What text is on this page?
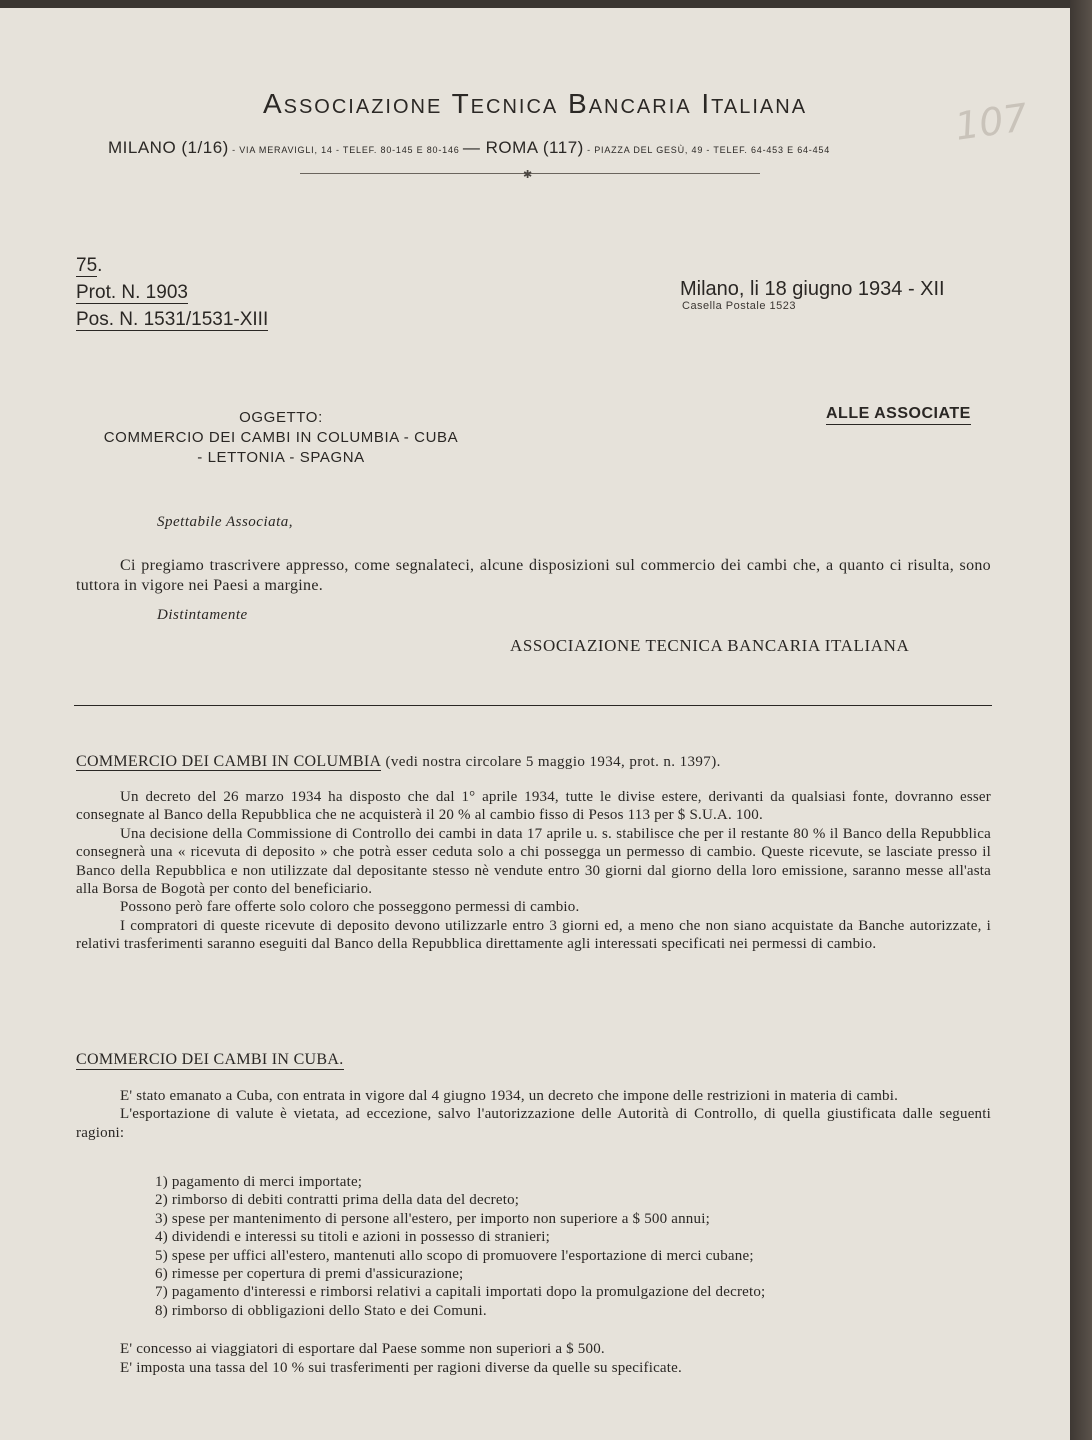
Associazione Tecnica Bancaria Italiana
MILANO (1/16) - VIA MERAVIGLI, 14 - TELEF. 80-145 E 80-146 — ROMA (117) - PIAZZA DEL GESÙ, 49 - TELEF. 64-453 E 64-454
✱
107
75.
Prot. N. 1903
Pos. N. 1531/1531-XIII
Milano, li 18 giugno 1934 - XII
Casella Postale 1523
OGGETTO:
COMMERCIO DEI CAMBI IN COLUMBIA - CUBA
- LETTONIA - SPAGNA
ALLE ASSOCIATE
Spettabile Associata,
Ci pregiamo trascrivere appresso, come segnalateci, alcune disposizioni sul commercio dei cambi che, a quanto ci risulta, sono tuttora in vigore nei Paesi a margine.
Distintamente
ASSOCIAZIONE TECNICA BANCARIA ITALIANA
COMMERCIO DEI CAMBI IN COLUMBIA (vedi nostra circolare 5 maggio 1934, prot. n. 1397).

Un decreto del 26 marzo 1934 ha disposto che dal 1° aprile 1934, tutte le divise estere, derivanti da qualsiasi fonte, dovranno esser consegnate al Banco della Repubblica che ne acquisterà il 20 % al cambio fisso di Pesos 113 per $ S.U.A. 100.

Una decisione della Commissione di Controllo dei cambi in data 17 aprile u. s. stabilisce che per il restante 80 % il Banco della Repubblica consegnerà una « ricevuta di deposito » che potrà esser ceduta solo a chi possegga un permesso di cambio. Queste ricevute, se lasciate presso il Banco della Repubblica e non utilizzate dal depositante stesso nè vendute entro 30 giorni dal giorno della loro emissione, saranno messe all'asta alla Borsa de Bogotà per conto del beneficiario.

Possono però fare offerte solo coloro che posseggono permessi di cambio.

I compratori di queste ricevute di deposito devono utilizzarle entro 3 giorni ed, a meno che non siano acquistate da Banche autorizzate, i relativi trasferimenti saranno eseguiti dal Banco della Repubblica direttamente agli interessati specificati nei permessi di cambio.

COMMERCIO DEI CAMBI IN CUBA.

E' stato emanato a Cuba, con entrata in vigore dal 4 giugno 1934, un decreto che impone delle restrizioni in materia di cambi.

L'esportazione di valute è vietata, ad eccezione, salvo l'autorizzazione delle Autorità di Controllo, di quella giustificata dalle seguenti ragioni:

1) pagamento di merci importate;
2) rimborso di debiti contratti prima della data del decreto;
3) spese per mantenimento di persone all'estero, per importo non superiore a $ 500 annui;
4) dividendi e interessi su titoli e azioni in possesso di stranieri;
5) spese per uffici all'estero, mantenuti allo scopo di promuovere l'esportazione di merci cubane;
6) rimesse per copertura di premi d'assicurazione;
7) pagamento d'interessi e rimborsi relativi a capitali importati dopo la promulgazione del decreto;
8) rimborso di obbligazioni dello Stato e dei Comuni.
E' concesso ai viaggiatori di esportare dal Paese somme non superiori a $ 500.
E' imposta una tassa del 10 % sui trasferimenti per ragioni diverse da quelle su specificate.
